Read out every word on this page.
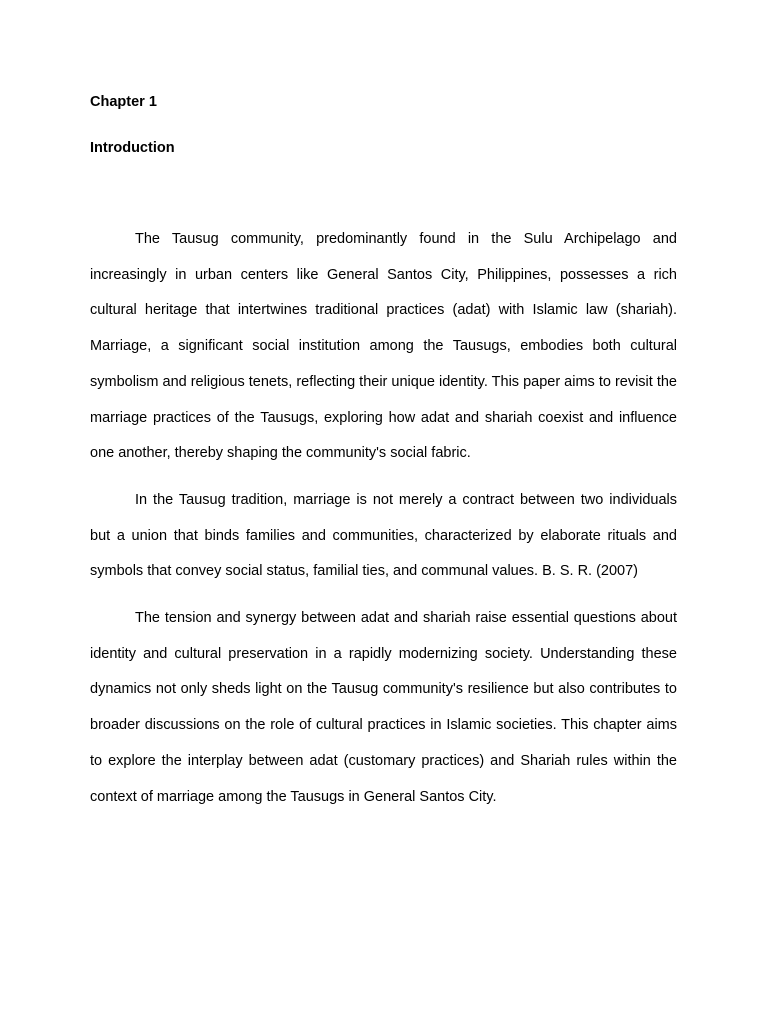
Chapter 1
Introduction

The Tausug community, predominantly found in the Sulu Archipelago and increasingly in urban centers like General Santos City, Philippines, possesses a rich cultural heritage that intertwines traditional practices (adat) with Islamic law (shariah). Marriage, a significant social institution among the Tausugs, embodies both cultural symbolism and religious tenets, reflecting their unique identity. This paper aims to revisit the marriage practices of the Tausugs, exploring how adat and shariah coexist and influence one another, thereby shaping the community's social fabric.

In the Tausug tradition, marriage is not merely a contract between two individuals but a union that binds families and communities, characterized by elaborate rituals and symbols that convey social status, familial ties, and communal values. B. S. R. (2007)

The tension and synergy between adat and shariah raise essential questions about identity and cultural preservation in a rapidly modernizing society. Understanding these dynamics not only sheds light on the Tausug community's resilience but also contributes to broader discussions on the role of cultural practices in Islamic societies. This chapter aims to explore the interplay between adat (customary practices) and Shariah rules within the context of marriage among the Tausugs in General Santos City.
